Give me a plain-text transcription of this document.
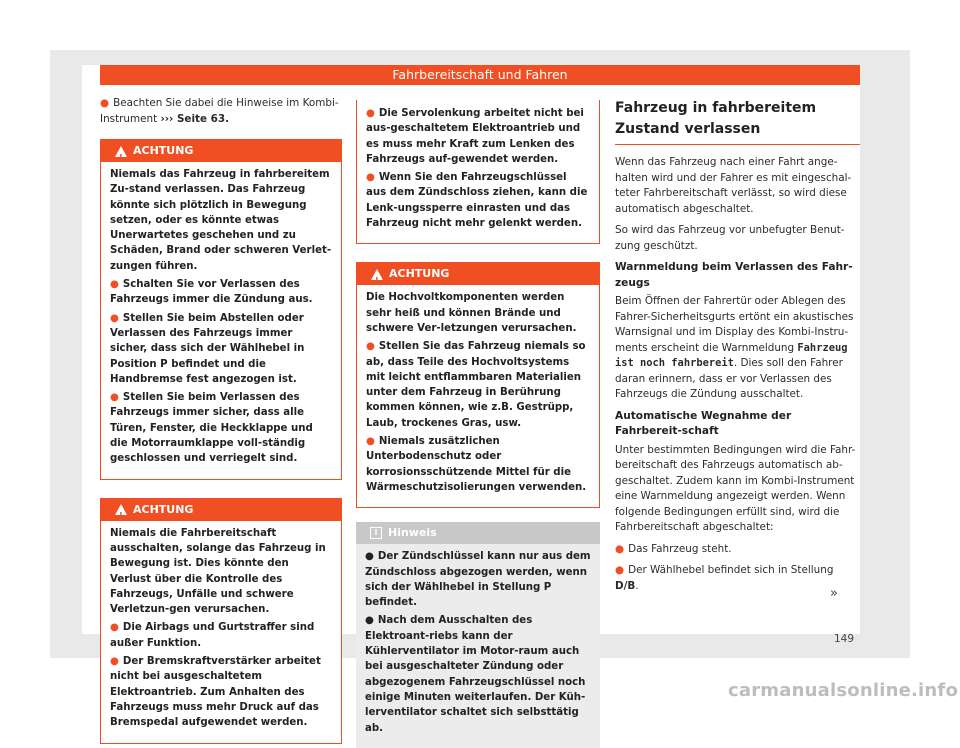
Fahrbereitschaft und Fahren

● Beachten Sie dabei die Hinweise im Kombi-Instrument ››› Seite 63.

!
ACHTUNG

Niemals das Fahrzeug in fahrbereitem Zu-stand verlassen. Das Fahrzeug könnte sich plötzlich in Bewegung setzen, oder es könnte etwas Unerwartetes geschehen und zu Schäden, Brand oder schweren Verlet-zungen führen.

● Schalten Sie vor Verlassen des Fahrzeugs immer die Zündung aus.

● Stellen Sie beim Abstellen oder Verlassen des Fahrzeugs immer sicher, dass sich der Wählhebel in Position P befindet und die Handbremse fest angezogen ist.

● Stellen Sie beim Verlassen des Fahrzeugs immer sicher, dass alle Türen, Fenster, die Heckklappe und die Motorraumklappe voll-ständig geschlossen und verriegelt sind.

!
ACHTUNG

Niemals die Fahrbereitschaft ausschalten, solange das Fahrzeug in Bewegung ist. Dies könnte den Verlust über die Kontrolle des Fahrzeugs, Unfälle und schwere Verletzun-gen verursachen.

● Die Airbags und Gurtstraffer sind außer Funktion.

● Der Bremskraftverstärker arbeitet nicht bei ausgeschaltetem Elektroantrieb. Zum Anhalten des Fahrzeugs muss mehr Druck auf das Bremspedal aufgewendet werden.

● Die Servolenkung arbeitet nicht bei aus-geschaltetem Elektroantrieb und es muss mehr Kraft zum Lenken des Fahrzeugs auf-gewendet werden.

● Wenn Sie den Fahrzeugschlüssel aus dem Zündschloss ziehen, kann die Lenk-ungssperre einrasten und das Fahrzeug nicht mehr gelenkt werden.

!
ACHTUNG

Die Hochvoltkomponenten werden sehr heiß und können Brände und schwere Ver-letzungen verursachen.

● Stellen Sie das Fahrzeug niemals so ab, dass Teile des Hochvoltsystems mit leicht entflammbaren Materialien unter dem Fahrzeug in Berührung kommen können, wie z.B. Gestrüpp, Laub, trockenes Gras, usw.

● Niemals zusätzlichen Unterbodenschutz oder korrosionsschützende Mittel für die Wärmeschutzisolierungen verwenden.

i Hinweis

● Der Zündschlüssel kann nur aus dem Zündschloss abgezogen werden, wenn sich der Wählhebel in Stellung P befindet.

● Nach dem Ausschalten des Elektroant-riebs kann der Kühlerventilator im Motor-raum auch bei ausgeschalteter Zündung oder abgezogenem Fahrzeugschlüssel noch einige Minuten weiterlaufen. Der Küh-lerventilator schaltet sich selbsttätig ab.

Fahrzeug in fahrbereitem Zustand verlassen

Wenn das Fahrzeug nach einer Fahrt ange-halten wird und der Fahrer es mit eingeschal-teter Fahrbereitschaft verlässt, so wird diese automatisch abgeschaltet.

So wird das Fahrzeug vor unbefugter Benut-zung geschützt.

Warnmeldung beim Verlassen des Fahr-zeugs

Beim Öffnen der Fahrertür oder Ablegen des Fahrer-Sicherheitsgurts ertönt ein akustisches Warnsignal und im Display des Kombi-Instru-ments erscheint die Warnmeldung Fahrzeug ist noch fahrbereit. Dies soll den Fahrer daran erinnern, dass er vor Verlassen des Fahrzeugs die Zündung ausschaltet.

Automatische Wegnahme der Fahrbereit-schaft

Unter bestimmten Bedingungen wird die Fahr-bereitschaft des Fahrzeugs automatisch ab-geschaltet. Zudem kann im Kombi-Instrument eine Warnmeldung angezeigt werden. Wenn folgende Bedingungen erfüllt sind, wird die Fahrbereitschaft abgeschaltet:

● Das Fahrzeug steht.

● Der Wählhebel befindet sich in Stellung D/B.

»
149
carmanualsonline.info
